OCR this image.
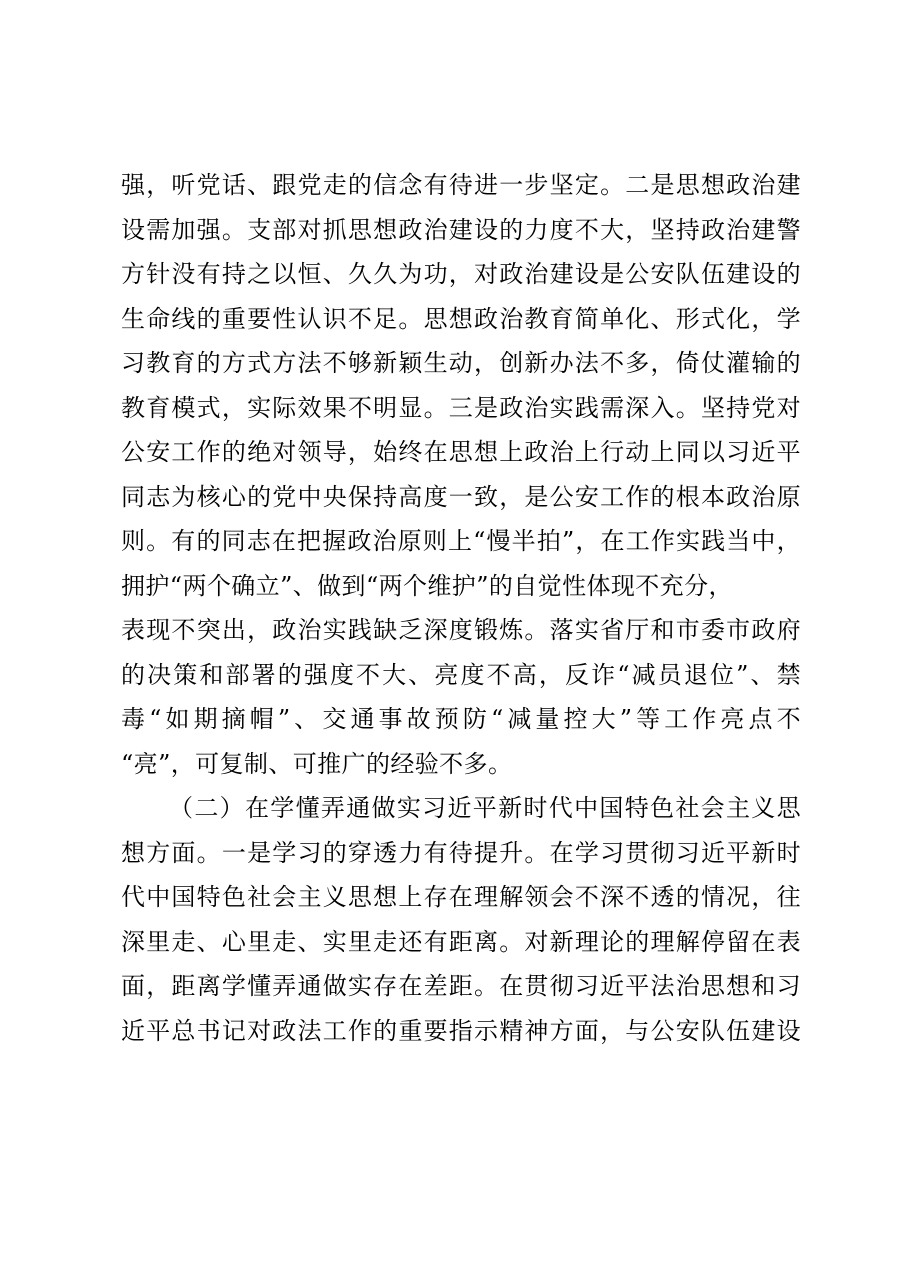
强，听党话、跟党走的信念有待进一步坚定。二是思想政治建
设需加强。支部对抓思想政治建设的力度不大，坚持政治建警
方针没有持之以恒、久久为功，对政治建设是公安队伍建设的
生命线的重要性认识不足。思想政治教育简单化、形式化，学
习教育的方式方法不够新颖生动，创新办法不多，倚仗灌输的
教育模式，实际效果不明显。三是政治实践需深入。坚持党对
公安工作的绝对领导，始终在思想上政治上行动上同以习近平
同志为核心的党中央保持高度一致，是公安工作的根本政治原
则。有的同志在把握政治原则上“慢半拍”，在工作实践当中，
拥护“两个确立”、做到“两个维护”的自觉性体现不充分，
表现不突出，政治实践缺乏深度锻炼。落实省厅和市委市政府
的决策和部署的强度不大、亮度不高，反诈“减员退位”、禁
毒“如期摘帽”、交通事故预防“减量控大”等工作亮点不
“亮”，可复制、可推广的经验不多。
（二）在学懂弄通做实习近平新时代中国特色社会主义思
想方面。一是学习的穿透力有待提升。在学习贯彻习近平新时
代中国特色社会主义思想上存在理解领会不深不透的情况，往
深里走、心里走、实里走还有距离。对新理论的理解停留在表
面，距离学懂弄通做实存在差距。在贯彻习近平法治思想和习
近平总书记对政法工作的重要指示精神方面，与公安队伍建设
